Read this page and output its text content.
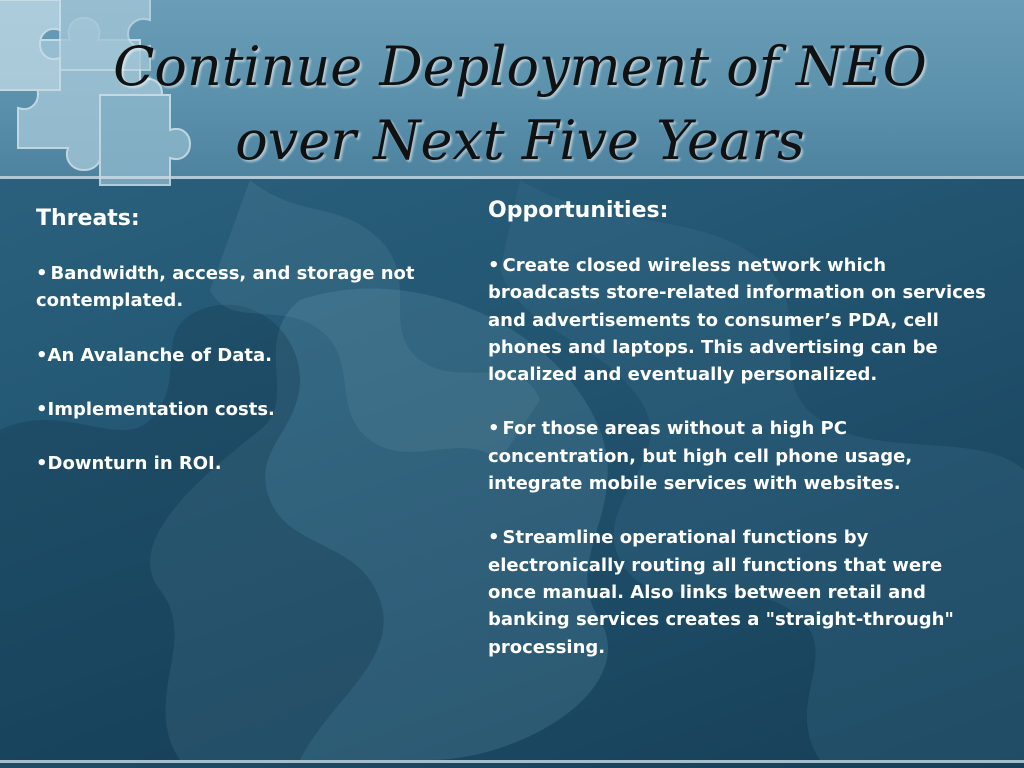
Continue Deployment of NEO
over Next Five Years
Threats:
• Bandwidth, access, and storage not contemplated.
•An Avalanche of Data.
•Implementation costs.
•Downturn in ROI.
Opportunities:
• Create closed wireless network which broadcasts store-related information on services and advertisements to consumer’s PDA, cell phones and laptops. This advertising can be localized and eventually personalized.
• For those areas without a high PC concentration, but high cell phone usage, integrate mobile services with websites.
• Streamline operational functions by electronically routing all functions that were once manual. Also links between retail and banking services creates a "straight-through" processing.
